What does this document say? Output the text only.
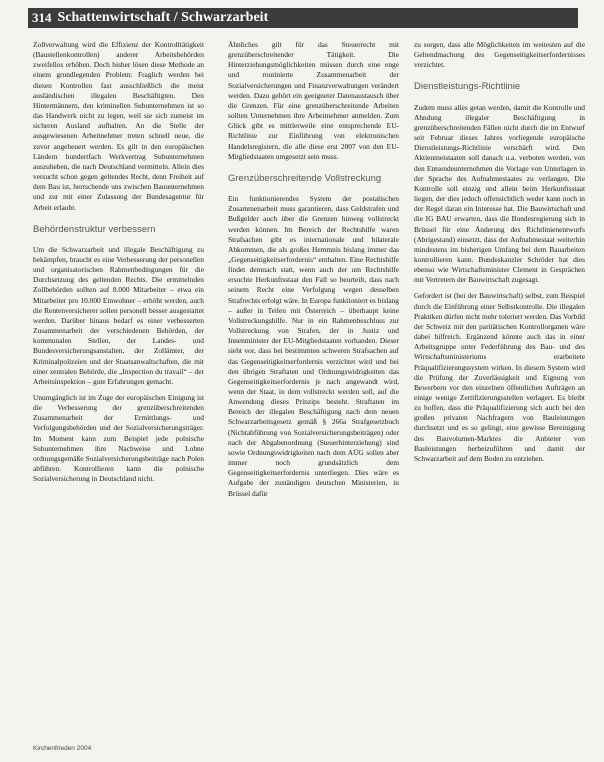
314 Schattenwirtschaft / Schwarzarbeit

Zollverwaltung wird die Effizienz der Kontrolltätigkeit (Baustellenkontrollen) anderer Arbeitsbehörden zweifellos erhöhen. Doch bisher lösen diese Methode an einem grundlegenden Problem: Fraglich werden bei diesen Kontrollen fast ausschließlich die meist ausländischen illegalen Beschäftigten. Den Hintermännern, den kriminellen Subunternehmen ist so das Handwerk nicht zu legen, weil sie sich zumeist im sicheren Ausland aufhalten. An die Stelle der ausgewiesenen Arbeitnehmer treten schnell neue, die zuvor angeheuert werden. Es gilt in den europäischen Ländern hundertfach Werkvertrag Subunternehmen auszuheben, die nach Deutschland vermitteln. Allein dies versucht schon gegen geltendes Recht, denn Freiheit auf dem Bau ist, herrschende uns zwischen Bauunternehmen und zur mit einer Zulassung der Bundesagentur für Arbeit erlaubt.

Behördenstruktur verbessern

Um die Schwarzarbeit und illegale Beschäftigung zu bekämpfen, braucht es eine Verbesserung der personellen und organisatorischen Rahmenbedingungen für die Durchsetzung des geltenden Rechts. Die ermittelnden Zollbehörden sollten auf 8.000 Mitarbeiter – etwa ein Mitarbeiter pro 10.000 Einwohner – erhöht werden, auch die Rentenversicherer sollen personell besser ausgestattet werden. Darüber hinaus bedarf es einer verbesserten Zusammenarbeit der verschiedenen Behörden, der kommunalen Stellen, der Landes- und Bundesversicherungsanstalten, der Zollämter, der Kriminalpolizeien und der Staatsanwaltschaften, die mit einer zentralen Behörde, die „Inspection du travail“ – der Arbeitsinspektion – gute Erfahrungen gemacht.

Unumgänglich ist im Zuge der europäischen Einigung ist die Verbesserung der grenzüberschreitenden Zusammenarbeit der Ermittlungs- und Verfolgungsbehörden und der Sozialversicherungsträger. Im Moment kann zum Beispiel jede polnische Subunternehmen ihre Nachweise und Lohne ordnungsgemäße Sozialversicherungsbeiträge nach Polen abführen. Kontrollieren kann die polnische Sozialversicherung in Deutschland nicht.

Ähnliches gilt für das Steuerrecht mit grenzüberschreitender Tätigkeit. Die Hinterziehungsmöglichkeiten müssen durch eine enge und routinierte Zusammenarbeit der Sozialversicherungen und Finanzverwaltungen verändert werden. Dazu gehört ein geeigneter Datenaustausch über die Grenzen. Für eine grenzüberschreitende Arbeiten sollten Unternehmen ihre Arbeitnehmer anmelden. Zum Glück gibt es mittlerweile eine entsprechende EU-Richtlinie zur Einführung von elektronischen Handelsregistern, die alle diese erst 2007 von den EU-Mitgliedstaaten umgesetzt sein muss.

Grenzüberschreitende Vollstreckung

Ein funktionierendes System der postalischen Zusammenarbeit muss garantieren, dass Geldstrafen und Bußgelder auch über die Grenzen hinweg vollstreckt werden können. Im Bereich der Rechtshilfe waren Strafsachen gibt es internationale und bilaterale Abkommen, die als großes Hemmnis bislang immer das „Gegenseitigkeitserfordernis“ enthalten. Eine Rechtshilfe findet demnach statt, wenn auch der um Rechtshilfe ersuchte Herkunftsstaat den Fall so beurteilt, dass nach seinem Recht eine Verfolgung wegen desselben Strafrechts erfolgt wäre. In Europa funktioniert es bislang – außer in Teilen mit Österreich – überhaupt keine Vollstreckungshilfe. Nur in ein Rahmenbeschluss zur Vollstreckung von Strafen, der in Justiz und Innenminister der EU-Mitgliedstaaten vorhanden. Dieser sieht vor, dass bei bestimmten schweren Strafsachen auf das Gegenseitigkeitserfordernis verzichtet wird und bei den übrigen Straftaten und Ordnungswidrigkeiten das Gegenseitigkeitserfordernis je nach angewandt wird, wenn der Staat, in dem vollstreckt werden soll, auf die Anwendung dieses Prinzips besteht. Straftaten im Bereich der illegalen Beschäftigung nach dem neuen Schwarzarbeitsgesetz gemäß § 266a Strafgesetzbuch (Nichtabführung von Sozialversicherungsbeiträgen) oder nach der Abgabenordnung (Steuerhinterziehung) sind sowie Ordnungswidrigkeiten nach dem AÜG sollen aber immer noch grundsätzlich dem Gegenseitigkeitserfordernis unterliegen. Dies wäre es Aufgabe der zuständigen deutschen Ministerien, in Brüssel dafür

zu sorgen, dass alle Möglichkeiten im weitesten auf die Geltendmachung des Gegenseitigkeitserfordernisses verzichtet.

Dienstleistungs-Richtlinie

Zudem muss alles getan werden, damit die Kontrolle und Ahndung illegaler Beschäftigung in grenzüberschreitenden Fällen nicht durch die im Entwurf seit Februar dieses Jahres vorliegende europäische Dienstleistungs-Richtlinie verschärft wird. Den Aktienmeistaaten soll danach u.a. verboten werden, von den Entsendeunternehmen die Vorlage von Unterlagen in der Sprache des Aufnahmestaates zu verlangen. Die Kontrolle soll einzig und allein beim Herkunftsstaat liegen, der dies jedoch offensichtlich weder kann noch in der Regel daran ein Interesse hat. Die Bauwirtschaft und die IG BAU erwarten, dass die Bundesregierung sich in Brüssel für eine Änderung des Richtlinienentwurfs (Abrigestand) einsetzt, dass der Aufnahmestaat weiterhin mindestens im bisherigen Umfang bei dem Bauarbeiten kontrollieren kann. Bundeskanzler Schröder hat dies ebenso wie Wirtschaftsminister Clement in Gesprächen mit Vertretern der Bauwirtschaft zugesagt.

Gefordert ist (bei der Bauwirtschaft) selbst, zum Beispiel durch die Einführung einer Selbstkontrolle. Die illegalen Praktiken dürfen nicht mehr toleriert werden. Das Vorbild der Schweiz mit den paritätischen Kontrollorganen wäre dabei hilfreich. Ergänzend könnte auch das in einer Arbeitsgruppe unter Federführung des Bau- und des Wirtschaftsministeriums erarbeitete Präqualifizierungssystem wirken. In diesem System wird die Prüfung der Zuverlässigkeit und Eignung von Bewerbern vor den einzelnen öffentlichen Aufträgen an einige wenige Zertifizierungsstellen verlagert. Es bleibt zu hoffen, dass die Präqualifizierung sich auch bei den großen privaten Nachfragern von Bauleistungen durchsetzt und es so gelingt, eine gewisse Bereinigung des Bauvolumen-Marktes die Anbieter von Bauleistungen herbeizuführen und damit der Schwarzarbeit auf dem Boden zu entziehen.

Kirchenfrieden 2004
